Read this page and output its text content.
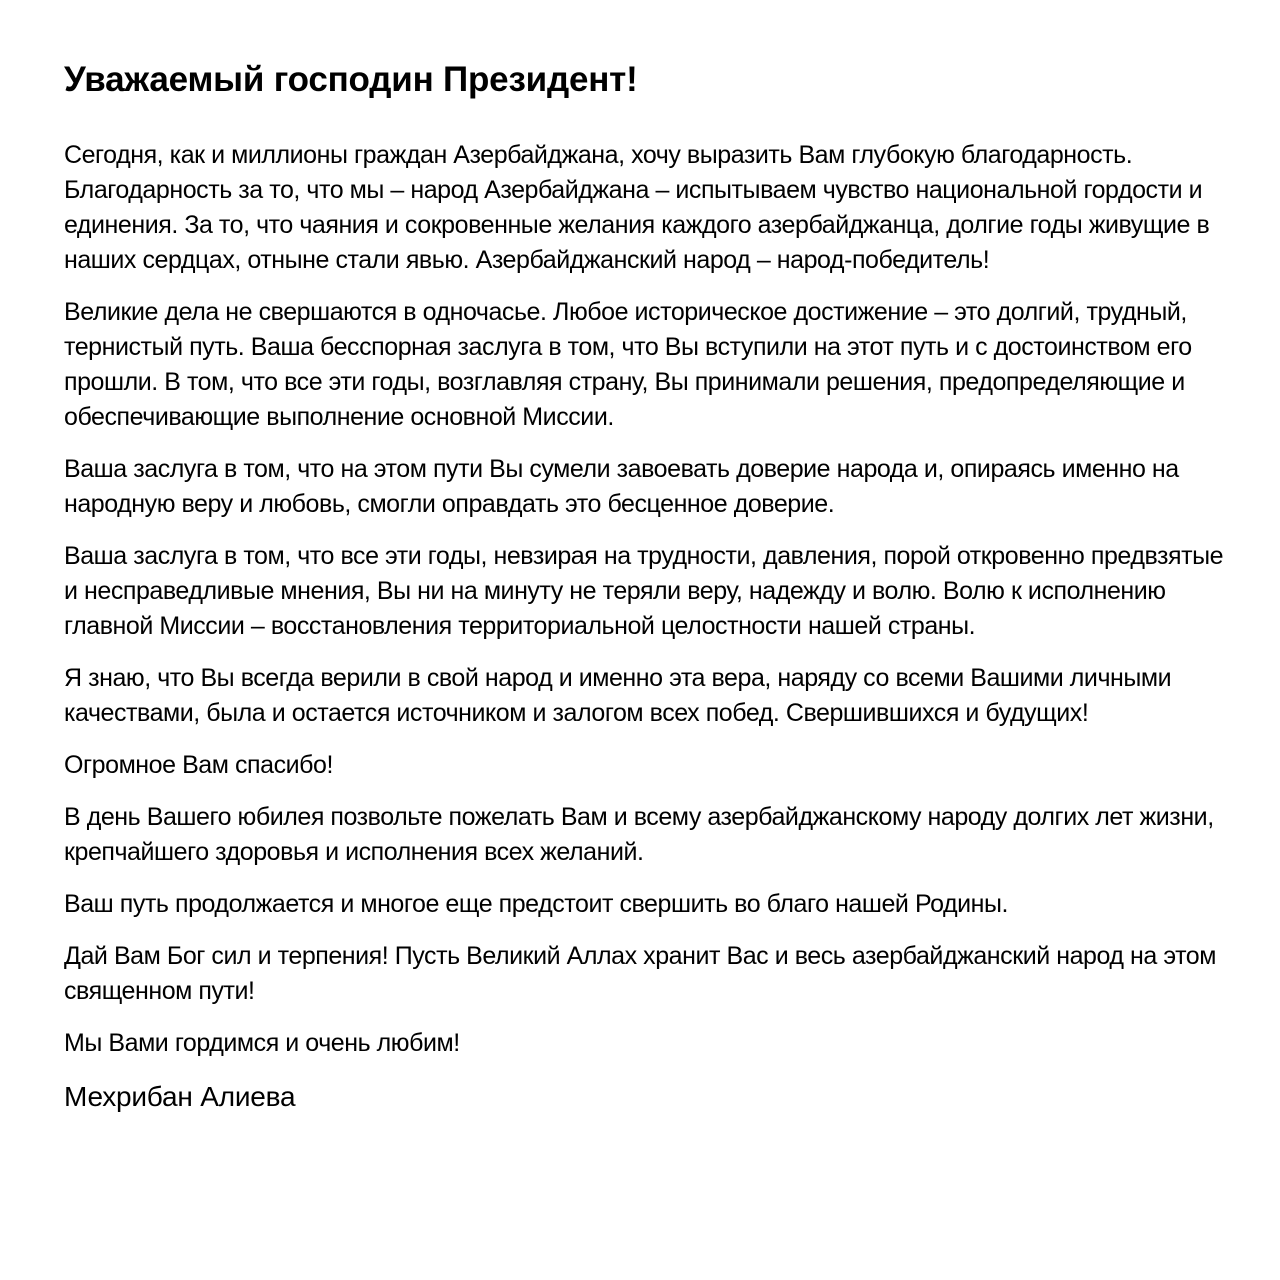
Уважаемый господин Президент!

Сегодня, как и миллионы граждан Азербайджана, хочу выразить Вам глубокую благодарность. Благодарность за то, что мы – народ Азербайджана – испытываем чувство национальной гордости и единения. За то, что чаяния и сокровенные желания каждого азербайджанца, долгие годы живущие в наших сердцах, отныне стали явью. Азербайджанский народ – народ-победитель!

Великие дела не свершаются в одночасье. Любое историческое достижение – это долгий, трудный, тернистый путь. Ваша бесспорная заслуга в том, что Вы вступили на этот путь и с достоинством его прошли. В том, что все эти годы, возглавляя страну, Вы принимали решения, предопределяющие и обеспечивающие выполнение основной Миссии.

Ваша заслуга в том, что на этом пути Вы сумели завоевать доверие народа и, опираясь именно на народную веру и любовь, смогли оправдать это бесценное доверие.

Ваша заслуга в том, что все эти годы, невзирая на трудности, давления, порой откровенно предвзятые и несправедливые мнения, Вы ни на минуту не теряли веру, надежду и волю. Волю к исполнению главной Миссии – восстановления территориальной целостности нашей страны.

Я знаю, что Вы всегда верили в свой народ и именно эта вера, наряду со всеми Вашими личными качествами, была и остается источником и залогом всех побед. Свершившихся и будущих!

Огромное Вам спасибо!

В день Вашего юбилея позвольте пожелать Вам и всему азербайджанскому народу долгих лет жизни, крепчайшего здоровья и исполнения всех желаний.

Ваш путь продолжается и многое еще предстоит свершить во благо нашей Родины.

Дай Вам Бог сил и терпения! Пусть Великий Аллах хранит Вас и весь азербайджанский народ на этом священном пути!

Мы Вами гордимся и очень любим!

Мехрибан Алиева
